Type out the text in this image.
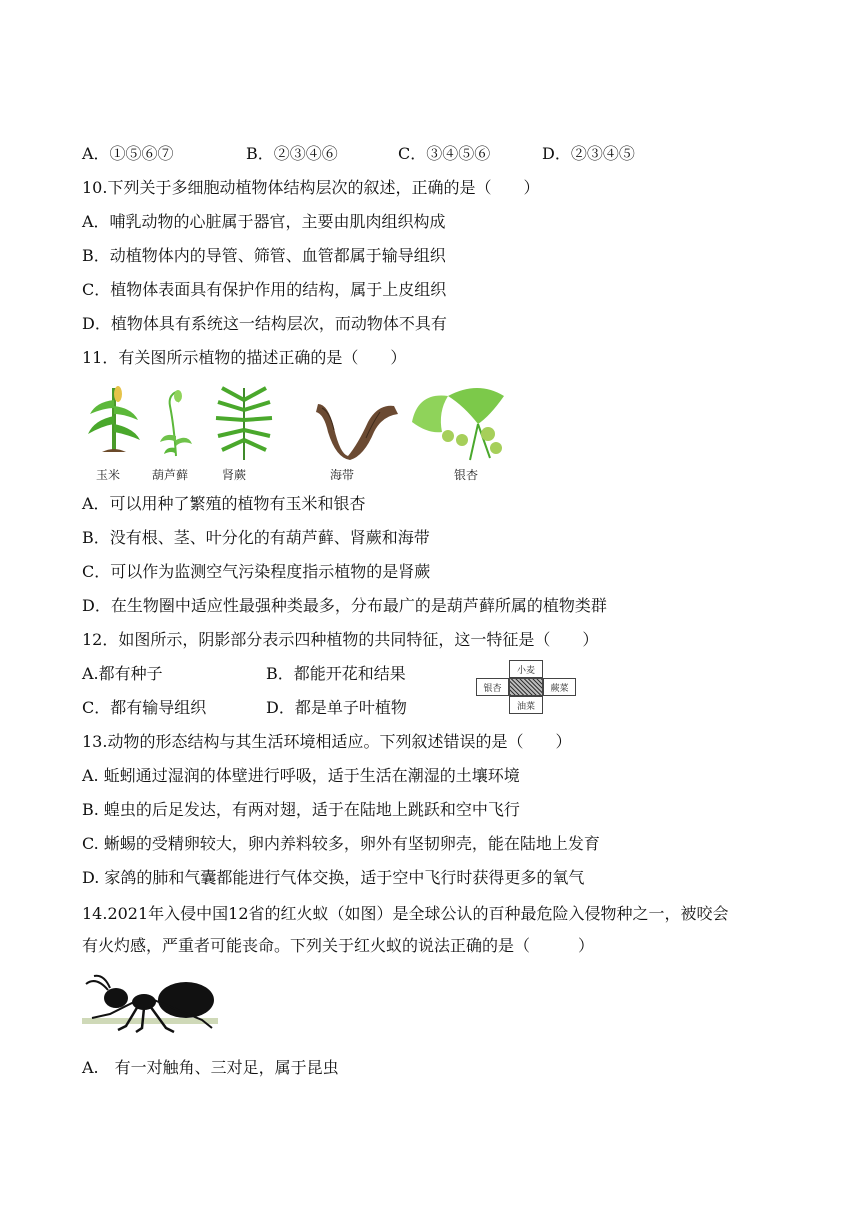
A．①⑤⑥⑦	B．②③④⑥	C．③④⑤⑥	D．②③④⑤
10.下列关于多细胞动植物体结构层次的叙述，正确的是（　　）
A．哺乳动物的心脏属于器官，主要由肌肉组织构成
B．动植物体内的导管、筛管、血管都属于输导组织
C．植物体表面具有保护作用的结构，属于上皮组织
D．植物体具有系统这一结构层次，而动物体不具有
11．有关图所示植物的描述正确的是（　　）
玉米	葫芦藓	肾蕨	海带	银杏
A．可以用种了繁殖的植物有玉米和银杏
B．没有根、茎、叶分化的有葫芦藓、肾蕨和海带
C．可以作为监测空气污染程度指示植物的是肾蕨
D．在生物圈中适应性最强种类最多，分布最广的是葫芦藓所属的植物类群
12．如图所示，阴影部分表示四种植物的共同特征，这一特征是（　　）
A.都有种子	B．都能开花和结果
C．都有输导组织	D．都是单子叶植物
小麦
银杏	蕨菜
油菜
13.动物的形态结构与其生活环境相适应。下列叙述错误的是（　　）
A. 蚯蚓通过湿润的体壁进行呼吸，适于生活在潮湿的土壤环境
B. 蝗虫的后足发达，有两对翅，适于在陆地上跳跃和空中飞行
C. 蜥蜴的受精卵较大，卵内养料较多，卵外有坚韧卵壳，能在陆地上发育
D. 家鸽的肺和气囊都能进行气体交换，适于空中飞行时获得更多的氧气
14.2021年入侵中国12省的红火蚁（如图）是全球公认的百种最危险入侵物种之一，被咬会
有火灼感，严重者可能丧命。下列关于红火蚁的说法正确的是（　　　）
A.　有一对触角、三对足，属于昆虫
